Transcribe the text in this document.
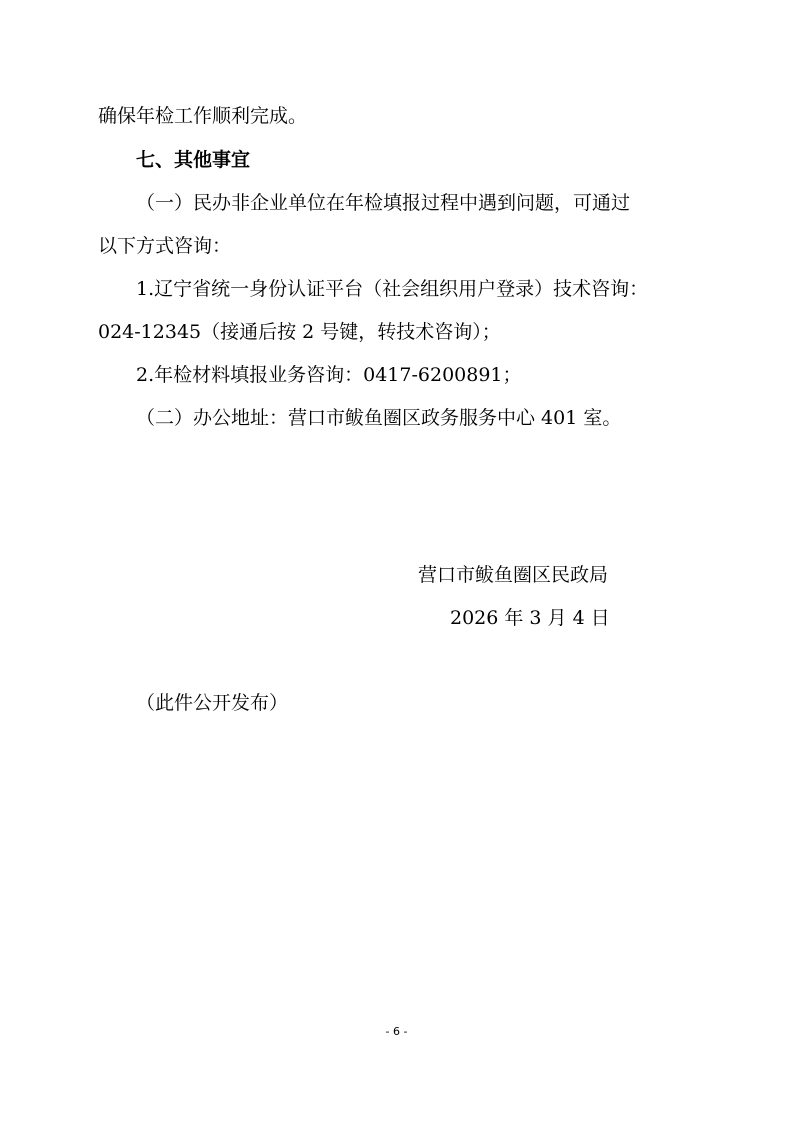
确保年检工作顺利完成。
七、其他事宜
（一）民办非企业单位在年检填报过程中遇到问题，可通过
以下方式咨询：
1.辽宁省统一身份认证平台（社会组织用户登录）技术咨询：
024-12345（接通后按 2 号键，转技术咨询）；
2.年检材料填报业务咨询：0417-6200891；
（二）办公地址：营口市鲅鱼圈区政务服务中心 401 室。
营口市鲅鱼圈区民政局
2026 年 3 月 4 日
（此件公开发布）
- 6 -
